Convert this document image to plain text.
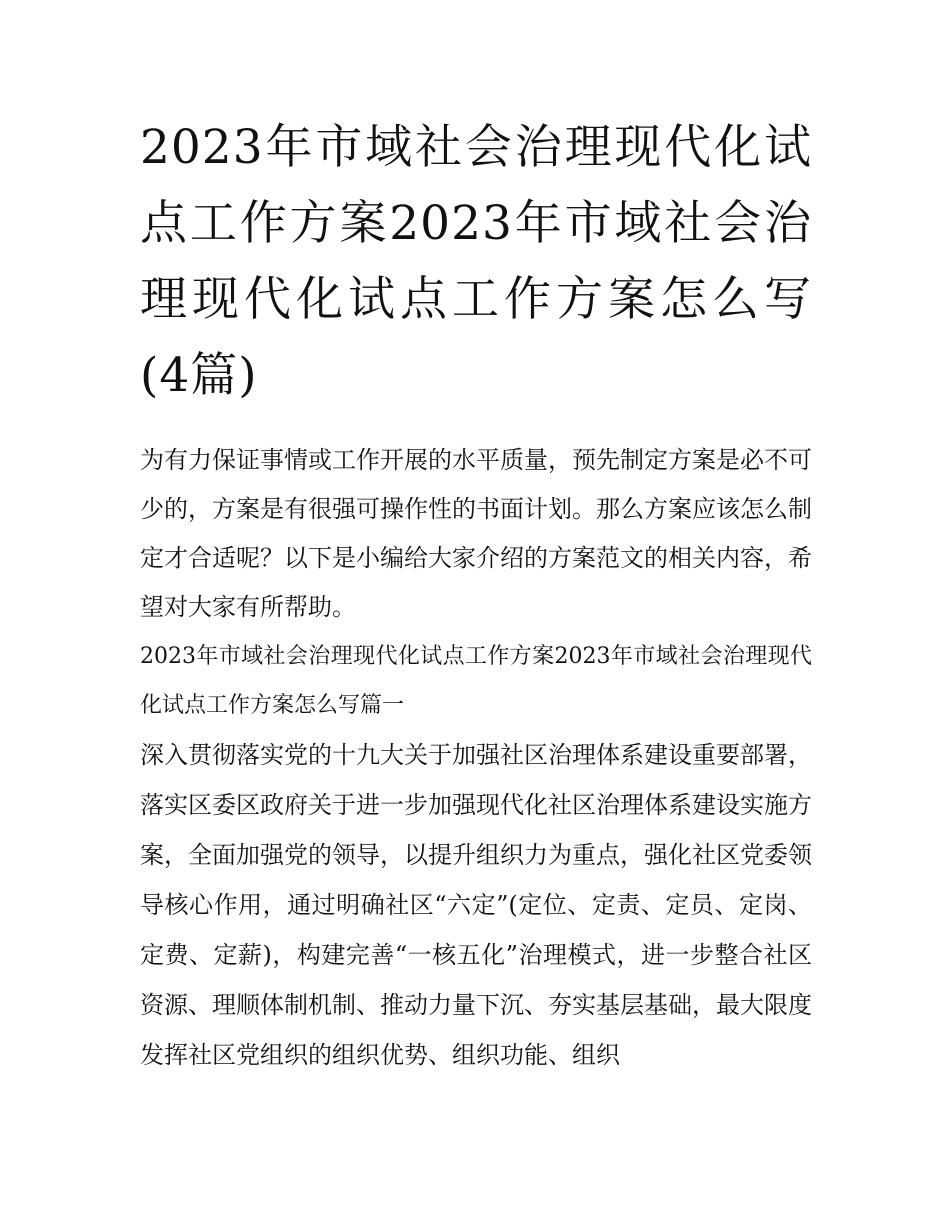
2023年市域社会治理现代化试点工作方案2023年市域社会治理现代化试点工作方案怎么写(4篇)

为有力保证事情或工作开展的水平质量，预先制定方案是必不可少的，方案是有很强可操作性的书面计划。那么方案应该怎么制定才合适呢？以下是小编给大家介绍的方案范文的相关内容，希望对大家有所帮助。

2023年市域社会治理现代化试点工作方案2023年市域社会治理现代化试点工作方案怎么写篇一

深入贯彻落实党的十九大关于加强社区治理体系建设重要部署，落实区委区政府关于进一步加强现代化社区治理体系建设实施方案，全面加强党的领导，以提升组织力为重点，强化社区党委领导核心作用，通过明确社区“六定”(定位、定责、定员、定岗、定费、定薪)，构建完善“一核五化”治理模式，进一步整合社区资源、理顺体制机制、推动力量下沉、夯实基层基础，最大限度发挥社区党组织的组织优势、组织功能、组织
